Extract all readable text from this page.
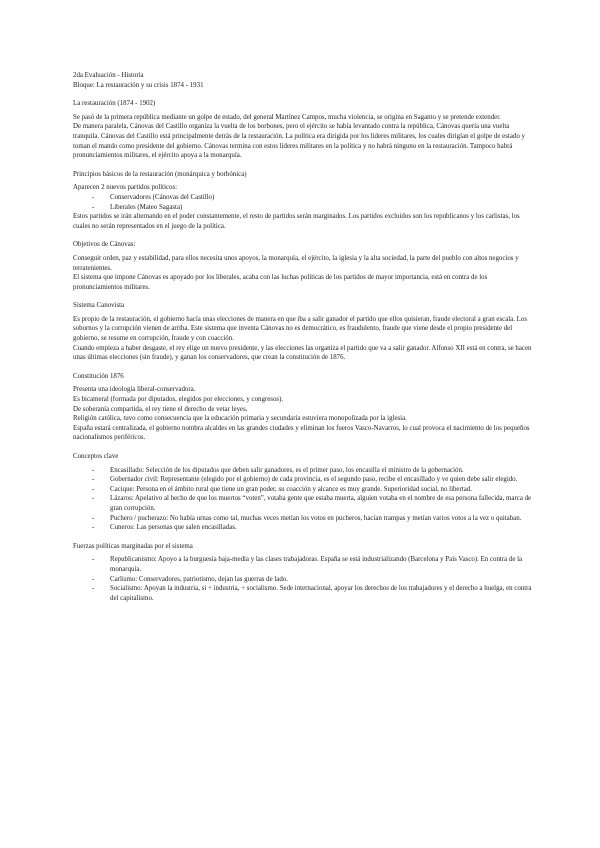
2da Evaluación - Historia

Bloque: La restauración y su crisis 1874 - 1931

La restauración (1874 - 1902)

Se pasó de la primera república mediante un golpe de estado, del general Martínez Campos, mucha violencia, se origina en Saganto y se pretende extender.

De manera paralela, Cánovas del Castillo organiza la vuelta de los borbones, pero el ejército se había levantado contra la república, Cánovas quería una vuelta tranquila. Cánovas del Castillo está principalmente detrás de la restauración. La política era dirigida por los líderes militares, los cuales dirigían el golpe de estado y toman el mando como presidente del gobierno. Cánovas termina con estos líderes militares en la política y no habrá ninguno en la restauración. Tampoco habrá pronunciamientos militares, el ejército apoya a la monarquía.

Principios básicos de la restauración (monárquica y borbónica)

Aparecen 2 nuevos partidos políticos:

- Conservadores (Cánovas del Castillo)
- Liberales (Mateo Sagasta)

Estos partidos se irán alternando en el poder constantemente, el resto de partidos serán marginados. Los partidos excluidos son los republicanos y los carlistas, los cuales no serán representados en el juego de la política.

Objetivos de Cánovas:

Conseguir orden, paz y estabilidad, para ellos necesita unos apoyos, la monarquía, el ejército, la iglesia y la alta sociedad, la parte del pueblo con altos negocios y terratenientes.

El sistema que impone Cánovas es apoyado por los liberales, acaba con las luchas políticas de los partidos de mayor importancia, está en contra de los pronunciamientos militares.

Sistema Canovista

Es propio de la restauración, el gobierno hacía unas elecciones de manera en que iba a salir ganador el partido que ellos quisieran, fraude electoral a gran escala. Los sobornos y la corrupción vienen de arriba. Este sistema que inventa Cánovas no es democrático, es fraudulento, fraude que viene desde el propio presidente del gobierno, se resume en corrupción, fraude y con coacción.

Cuando empieza a haber desgaste, el rey elige un nuevo presidente, y las elecciones las organiza el partido que va a salir ganador. Alfonso XII está en contra, se hacen unas últimas elecciones (sin fraude), y ganan los conservadores, que crean la constitución de 1876.

Constitución 1876

Presenta una ideología liberal-conservadora.

Es bicameral (formada por diputados, elegidos por elecciones, y congresos).

De soberanía compartida, el rey tiene el derecho de vetar leyes.

Religión católica, tuvo como consecuencia que la educación primaria y secundaria estuviera monopolizada por la iglesia.

España estará centralizada, el gobierno nombra alcaldes en las grandes ciudades y eliminan los fueros Vasco-Navarros, lo cual provoca el nacimiento de los pequeños nacionalismos periféricos.

Conceptos clave

- Encasillado: Selección de los diputados que deben salir ganadores, es el primer paso, los encasilla el ministro de la gobernación.
- Gobernador civil: Representante (elegido por el gobierno) de cada provincia, es el segundo paso, recibe el encasillado y ve quien debe salir elegido.
- Cacique: Persona en el ámbito rural que tiene un gran poder, su coacción y alcance es muy grande. Superioridad social, no libertad.
- Lázaros: Apelativo al hecho de que los muertos “voten”, votaba gente que estaba muerta, alguien votaba en el nombre de esa persona fallecida, marca de gran corrupción.
- Puchero / pucherazo: No había urnas como tal, muchas veces metían los votos en pucheros, hacían trampas y metían varios votos a la vez o quitaban.
- Cuneros: Las personas que salen encasilladas.

Fuerzas políticas marginadas por el sistema

- Republicanismo: Apoyo a la burguesía baja-media y las clases trabajadoras. España se está industrializando (Barcelona y País Vasco). En contra de la monarquía.
- Carlismo: Conservadores, patriotismo, dejan las guerras de lado.
- Socialismo: Apoyan la industria, si + industria, + socialismo. Sede internacional, apoyar los derechos de los trabajadores y el derecho a huelga, en contra del capitalismo.
